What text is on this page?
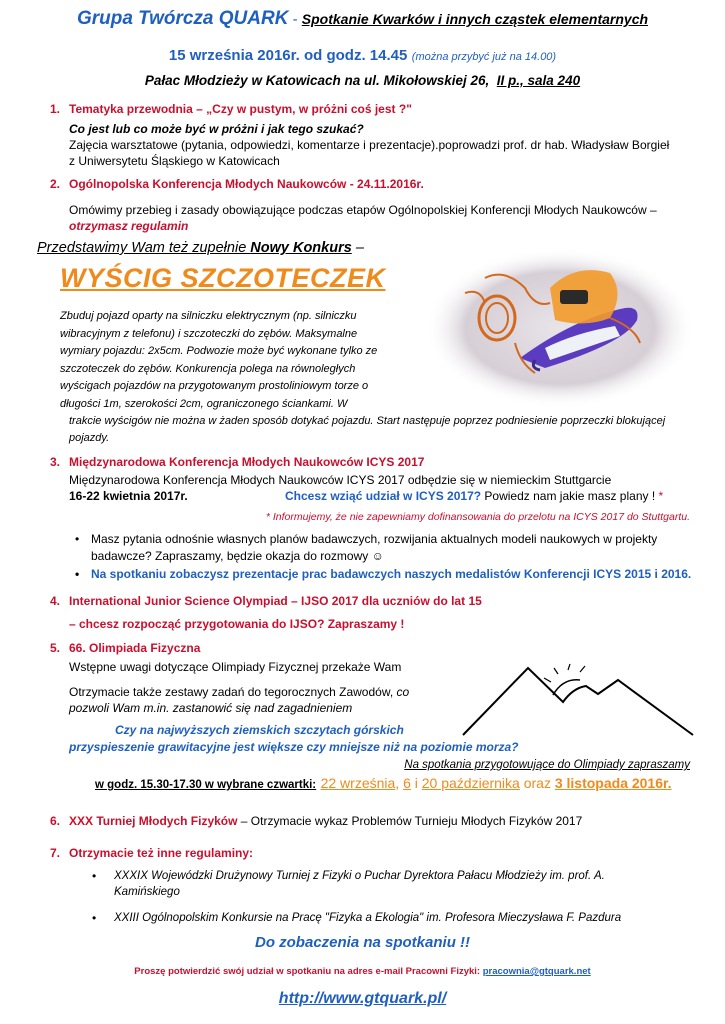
Grupa Twórcza QUARK - Spotkanie Kwarków i innych cząstek elementarnych
15 września 2016r. od godz. 14.45 (można przybyć już na 14.00)
Pałac Młodzieży w Katowicach na ul. Mikołowskiej 26, II p., sala 240
1. Tematyka przewodnia – „Czy w pustym, w próżni coś jest ?"
Co jest lub co może być w próżni i jak tego szukać?
Zajęcia warsztatowe (pytania, odpowiedzi, komentarze i prezentacje).poprowadzi prof. dr hab. Władysław Borgieł
z Uniwersytetu Śląskiego w Katowicach
2. Ogólnopolska Konferencja Młodych Naukowców - 24.11.2016r.
Omówimy przebieg i zasady obowiązujące podczas etapów Ogólnopolskiej Konferencji Młodych Naukowców –
otrzymasz regulamin
Przedstawimy Wam też zupełnie Nowy Konkurs –
WYŚCIG SZCZOTECZEK
Zbuduj pojazd oparty na silniczku elektrycznym (np. silniczku
wibracyjnym z telefonu) i szczoteczki do zębów. Maksymalne
wymiary pojazdu: 2x5cm. Podwozie może być wykonane tylko ze
szczoteczek do zębów. Konkurencja polega na równoległych
wyścigach pojazdów na przygotowanym prostoliniowym torze o
długości 1m, szerokości 2cm, ograniczonego ściankami. W
trakcie wyścigów nie można w żaden sposób dotykać pojazdu. Start następuje poprzez podniesienie poprzeczki blokującej
pojazdy.
3. Międzynarodowa Konferencja Młodych Naukowców ICYS 2017
Międzynarodowa Konferencja Młodych Naukowców ICYS 2017 odbędzie się w niemieckim Stuttgarcie
16-22 kwietnia 2017r.	Chcesz wziąć udział w ICYS 2017? Powiedz nam jakie masz plany ! *
* Informujemy, że nie zapewniamy dofinansowania do przelotu na ICYS 2017 do Stuttgartu.
• Masz pytania odnośnie własnych planów badawczych, rozwijania aktualnych modeli naukowych w projekty
badawcze? Zapraszamy, będzie okazja do rozmowy ☺
• Na spotkaniu zobaczysz prezentacje prac badawczych naszych medalistów Konferencji ICYS 2015 i 2016.
4. International Junior Science Olympiad – IJSO 2017 dla uczniów do lat 15
– chcesz rozpocząć przygotowania do IJSO? Zapraszamy !
5. 66. Olimpiada Fizyczna
Wstępne uwagi dotyczące Olimpiady Fizycznej przekaże Wam
Otrzymacie także zestawy zadań do tegorocznych Zawodów, co
pozwoli Wam m.in. zastanowić się nad zagadnieniem
Czy na najwyższych ziemskich szczytach górskich
przyspieszenie grawitacyjne jest większe czy mniejsze niż na poziomie morza?
Na spotkania przygotowujące do Olimpiady zapraszamy
w godz. 15.30-17.30 w wybrane czwartki: 22 września, 6 i 20 października oraz 3 listopada 2016r.
6. XXX Turniej Młodych Fizyków – Otrzymacie wykaz Problemów Turnieju Młodych Fizyków 2017
7. Otrzymacie też inne regulaminy:
• XXXIX Wojewódzki Drużynowy Turniej z Fizyki o Puchar Dyrektora Pałacu Młodzieży im. prof. A.
Kamińskiego
• XXIII Ogólnopolskim Konkursie na Pracę "Fizyka a Ekologia" im. Profesora Mieczysława F. Pazdura
Do zobaczenia na spotkaniu !!
Proszę potwierdzić swój udział w spotkaniu na adres e-mail Pracowni Fizyki: pracownia@gtquark.net
http://www.gtquark.pl/
